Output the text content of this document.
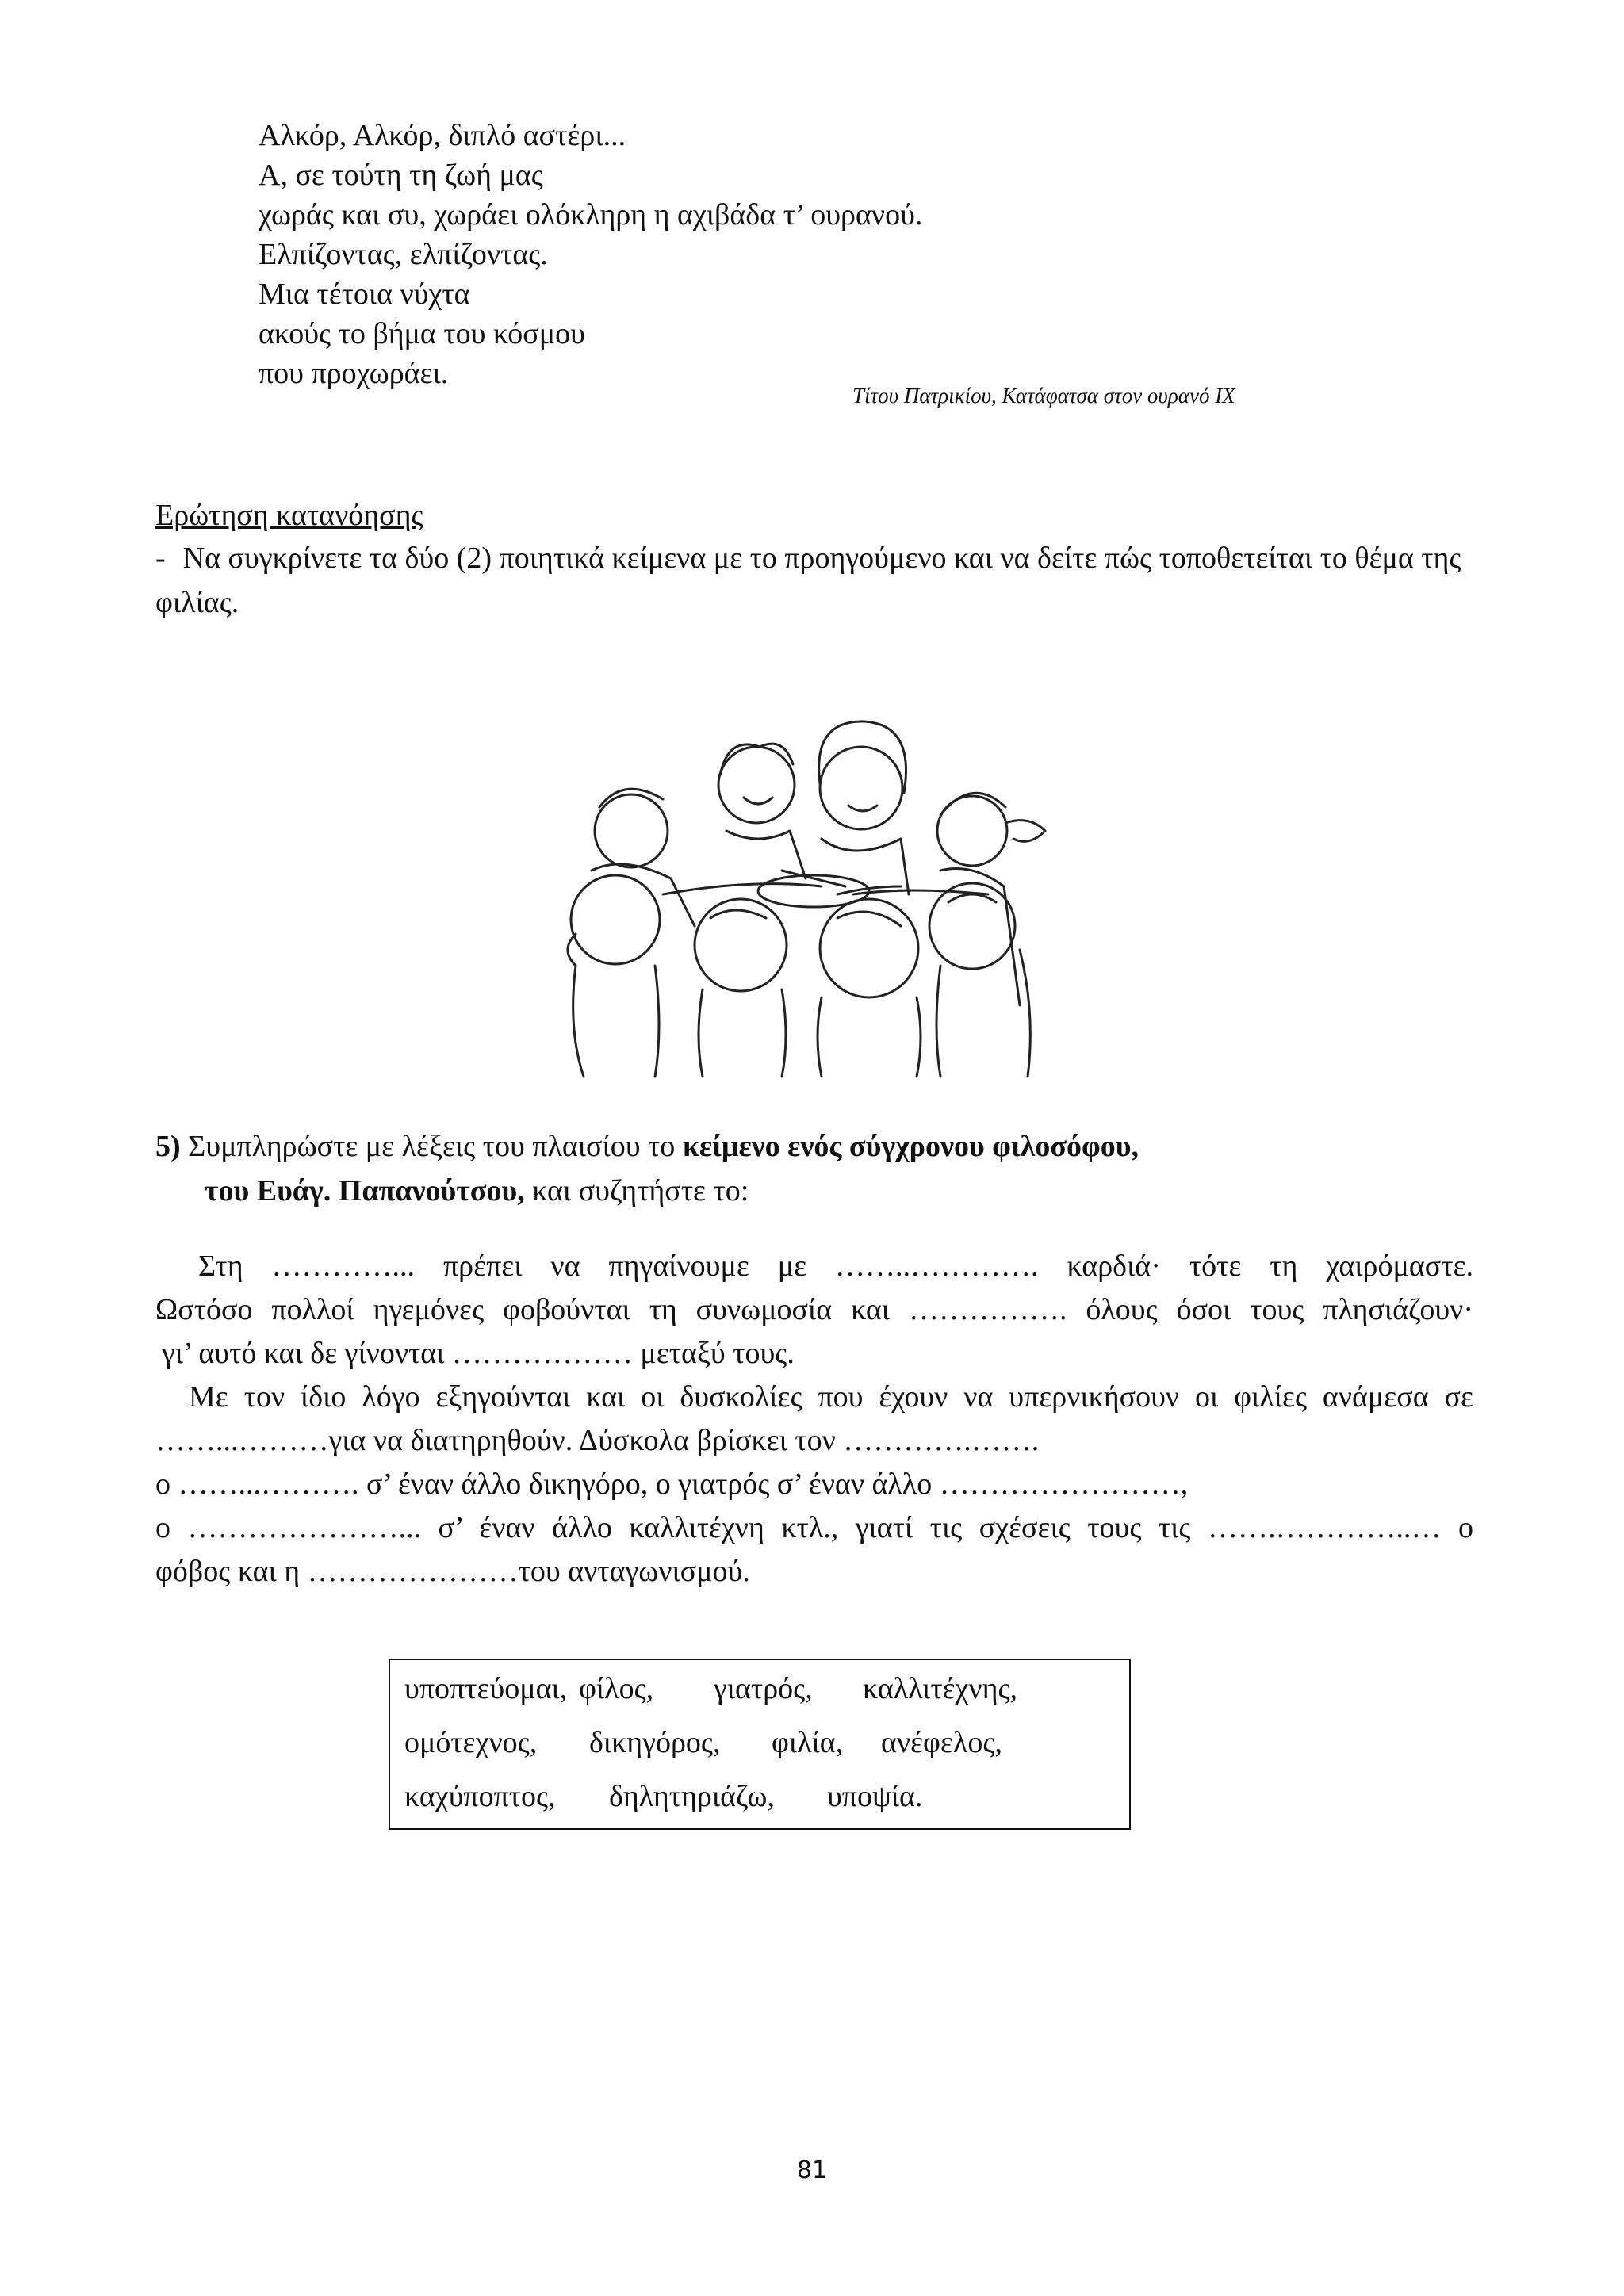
Αλκόρ, Αλκόρ, διπλό αστέρι...
Α, σε τούτη τη ζωή μας
χωράς και συ, χωράει ολόκληρη η αχιβάδα τ’ ουρανού.
Ελπίζοντας, ελπίζοντας.
Μια τέτοια νύχτα
ακούς το βήμα του κόσμου
που προχωράει.
Τίτου Πατρικίου, Κατάφατσα στον ουρανό IX
Ερώτηση κατανόησης
- Να συγκρίνετε τα δύο (2) ποιητικά κείμενα με το προηγούμενο και να δείτε πώς τοποθετείται το θέμα της φιλίας.
5) Συμπληρώστε με λέξεις του πλαισίου το κείμενο ενός σύγχρονου φιλοσόφου,
του Ευάγ. Παπανούτσου, και συζητήστε το:
Στη …………... πρέπει να πηγαίνουμε με ……..…………. καρδιά· τότε τη χαιρόμαστε.
Ωστόσο πολλοί ηγεμόνες φοβούνται τη συνωμοσία και ……………. όλους όσοι τους πλησιάζουν·
γι’ αυτό και δε γίνονται ……………… μεταξύ τους.
Με τον ίδιο λόγο εξηγούνται και οι δυσκολίες που έχουν να υπερνικήσουν οι φιλίες ανάμεσα σε
……...………για να διατηρηθούν. Δύσκολα βρίσκει τον ………….…….
ο ……...………. σ’ έναν άλλο δικηγόρο, ο γιατρός σ’ έναν άλλο ……………………,
ο …………………... σ’ έναν άλλο καλλιτέχνη κτλ., γιατί τις σχέσεις τους τις …….…………..… ο
φόβος και η …………………του ανταγωνισμού.
υποπτεύομαι, φίλος, γιατρός, καλλιτέχνης,
ομότεχνος, δικηγόρος, φιλία, ανέφελος,
καχύποπτος, δηλητηριάζω, υποψία.
81
